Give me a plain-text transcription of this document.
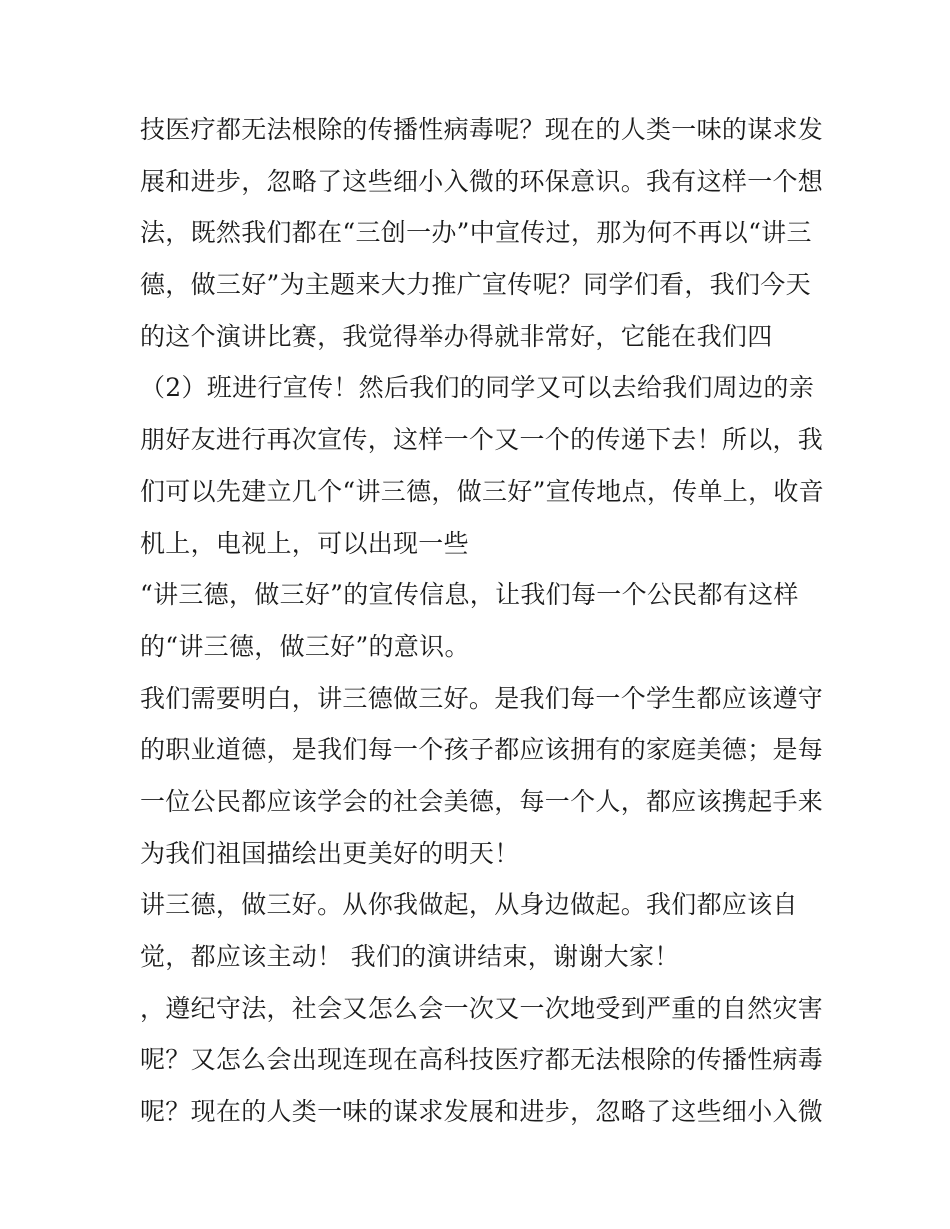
技医疗都无法根除的传播性病毒呢？现在的人类一味的谋求发
展和进步，忽略了这些细小入微的环保意识。我有这样一个想
法，既然我们都在“三创一办”中宣传过，那为何不再以“讲三
德，做三好”为主题来大力推广宣传呢？同学们看，我们今天
的这个演讲比赛，我觉得举办得就非常好，它能在我们四
（2）班进行宣传！然后我们的同学又可以去给我们周边的亲
朋好友进行再次宣传，这样一个又一个的传递下去！所以，我
们可以先建立几个“讲三德，做三好”宣传地点，传单上，收音
机上，电视上，可以出现一些
“讲三德，做三好”的宣传信息，让我们每一个公民都有这样
的“讲三德，做三好”的意识。
我们需要明白，讲三德做三好。是我们每一个学生都应该遵守
的职业道德，是我们每一个孩子都应该拥有的家庭美德；是每
一位公民都应该学会的社会美德，每一个人，都应该携起手来
为我们祖国描绘出更美好的明天！
讲三德，做三好。从你我做起，从身边做起。我们都应该自
觉，都应该主动！ 我们的演讲结束，谢谢大家！
，遵纪守法，社会又怎么会一次又一次地受到严重的自然灾害
呢？又怎么会出现连现在高科技医疗都无法根除的传播性病毒
呢？现在的人类一味的谋求发展和进步，忽略了这些细小入微
